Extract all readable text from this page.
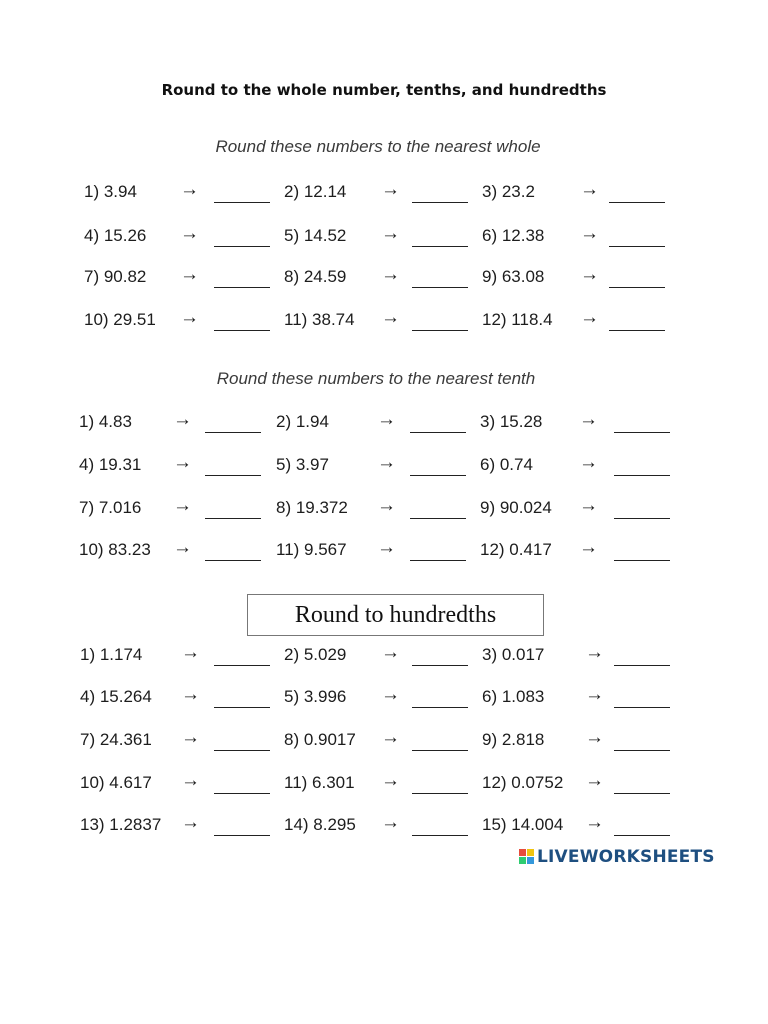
Round to the whole number, tenths, and hundredths
Round these numbers to the nearest whole
Round these numbers to the nearest tenth
Round to hundredths
1) 3.94 →	2) 12.14 →	3) 23.2 →
4) 15.26 →	5) 14.52 →	6) 12.38 →
7) 90.82 →	8) 24.59 →	9) 63.08 →
10) 29.51 →	11) 38.74 →	12) 118.4 →
1) 4.83 →	2) 1.94	→	3) 15.28 →
4) 19.31 →	5) 3.97	→	6) 0.74 →
7) 7.016 →	8) 19.372 →	9) 90.024 →
10) 83.23 →	11) 9.567 →	12) 0.417 →
1) 1.174 →	2) 5.029 →	3) 0.017 →
4) 15.264 →	5) 3.996 →	6) 1.083 →
7) 24.361 →	8) 0.9017 →	9) 2.818 →
10) 4.617 →	11) 6.301 →	12) 0.0752 →
13) 1.2837 →	14) 8.295 →	15) 14.004 →
LIVEWORKSHEETS
